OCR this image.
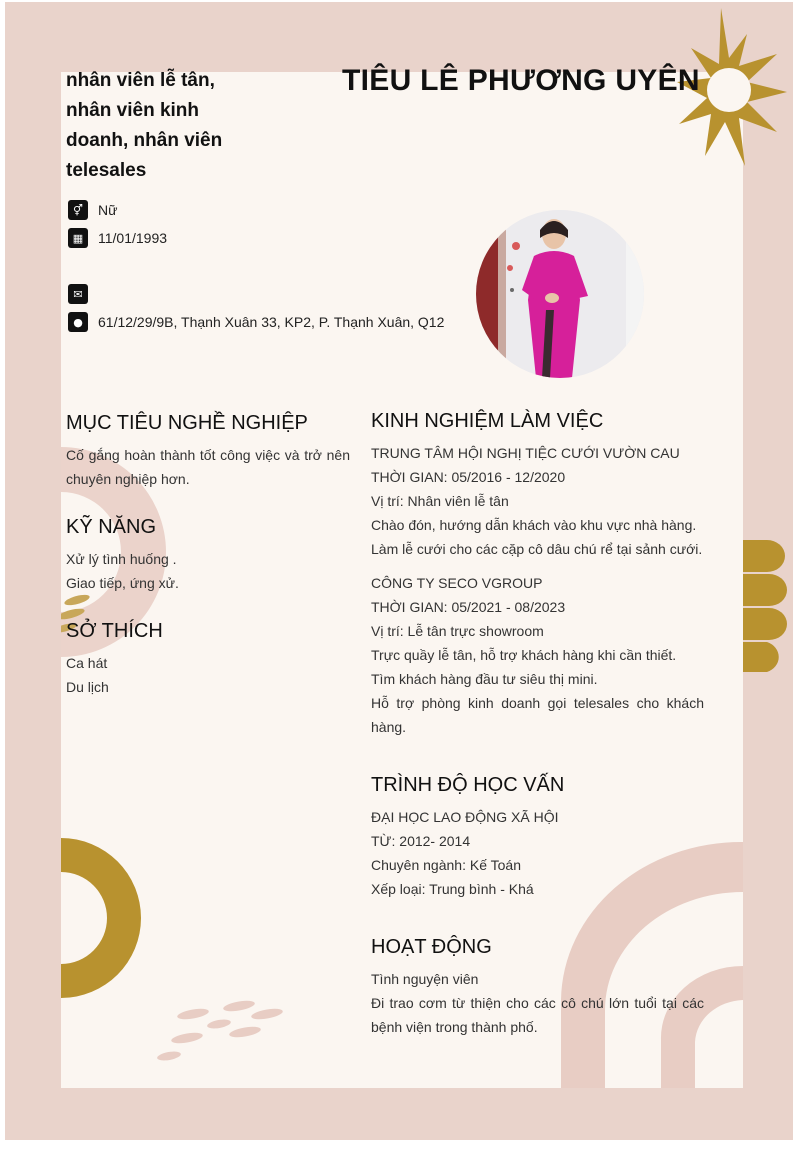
nhân viên lễ tân, nhân viên kinh doanh, nhân viên telesales
TIÊU LÊ PHƯƠNG UYÊN
⚥	Nữ
▦	11/01/1993
✉
●	61/12/29/9B, Thạnh Xuân 33, KP2, P. Thạnh Xuân, Q12
MỤC TIÊU NGHỀ NGHIỆP
Cố gắng hoàn thành tốt công việc và trở nên chuyên nghiệp hơn.
KỸ NĂNG

Xử lý tình huống .

Giao tiếp, ứng xử.

SỞ THÍCH

Ca hát

Du lịch

KINH NGHIỆM LÀM VIỆC

TRUNG TÂM HỘI NGHỊ TIỆC CƯỚI VƯỜN CAU

THỜI GIAN: 05/2016 - 12/2020

Vị trí: Nhân viên lễ tân

Chào đón, hướng dẫn khách vào khu vực nhà hàng.

Làm lễ cưới cho các cặp cô dâu chú rể tại sảnh cưới.

CÔNG TY SECO VGROUP

THỜI GIAN: 05/2021 - 08/2023

Vị trí: Lễ tân trực showroom

Trực quầy lễ tân, hỗ trợ khách hàng khi cần thiết.

Tìm khách hàng đầu tư siêu thị mini.

Hỗ trợ phòng kinh doanh gọi telesales cho khách hàng.

TRÌNH ĐỘ HỌC VẤN

ĐẠI HỌC LAO ĐỘNG XÃ HỘI

TỪ: 2012- 2014

Chuyên ngành: Kế Toán

Xếp loại: Trung bình - Khá

HOẠT ĐỘNG

Tình nguyện viên

Đi trao cơm từ thiện cho các cô chú lớn tuổi tại các bệnh viện trong thành phố.
